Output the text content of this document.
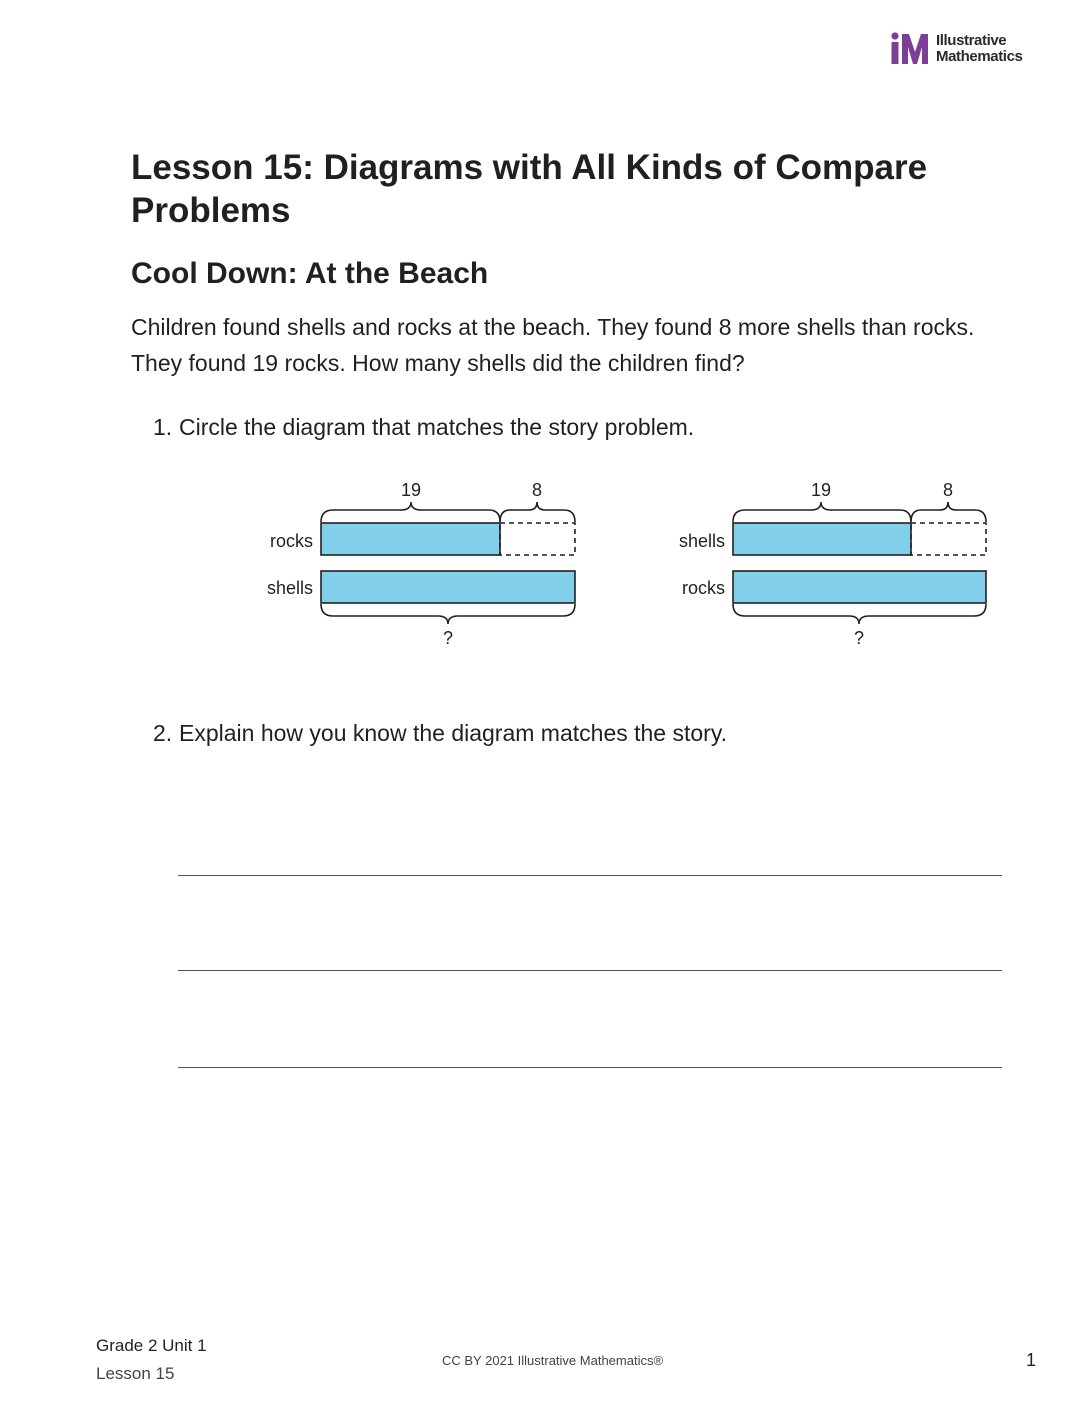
Illustrative
Mathematics
Lesson 15: Diagrams with All Kinds of Compare Problems
Cool Down: At the Beach

Children found shells and rocks at the beach. They found 8 more shells than rocks. They found 19 rocks. How many shells did the children find?

1. Circle the diagram that matches the story problem.
19	8
rocks
shells
?
19	8
shells
rocks
?
2. Explain how you know the diagram matches the story.
Grade 2 Unit 1
Lesson 15
CC BY 2021 Illustrative Mathematics®	1
